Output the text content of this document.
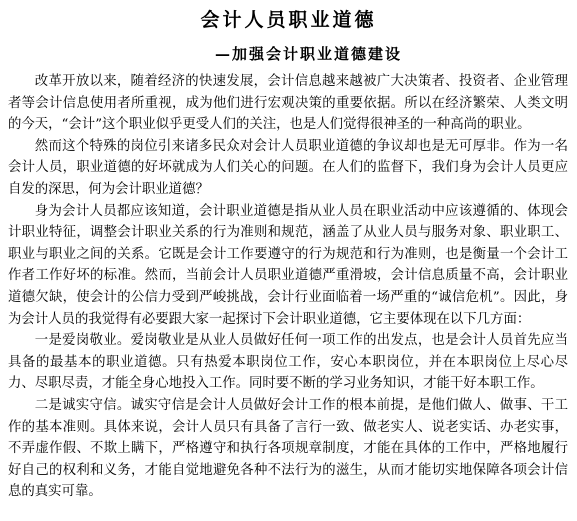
会计人员职业道德
—加强会计职业道德建设

改革开放以来，随着经济的快速发展，会计信息越来越被广大决策者、投资者、企业管理者等会计信息使用者所重视，成为他们进行宏观决策的重要依据。所以在经济繁荣、人类文明的今天，“会计”这个职业似乎更受人们的关注，也是人们觉得很神圣的一种高尚的职业。

然而这个特殊的岗位引来诸多民众对会计人员职业道德的争议却也是无可厚非。作为一名会计人员，职业道德的好坏就成为人们关心的问题。在人们的监督下，我们身为会计人员更应自发的深思，何为会计职业道德？

身为会计人员都应该知道，会计职业道德是指从业人员在职业活动中应该遵循的、体现会计职业特征，调整会计职业关系的行为准则和规范，涵盖了从业人员与服务对象、职业职工、职业与职业之间的关系。它既是会计工作要遵守的行为规范和行为准则，也是衡量一个会计工作者工作好坏的标准。然而，当前会计人员职业道德严重滑坡，会计信息质量不高，会计职业道德欠缺，使会计的公信力受到严峻挑战，会计行业面临着一场严重的“诚信危机”。因此，身为会计人员的我觉得有必要跟大家一起探讨下会计职业道德，它主要体现在以下几方面：

一是爱岗敬业。爱岗敬业是从业人员做好任何一项工作的出发点，也是会计人员首先应当具备的最基本的职业道德。只有热爱本职岗位工作，安心本职岗位，并在本职岗位上尽心尽力、尽职尽责，才能全身心地投入工作。同时要不断的学习业务知识，才能干好本职工作。

二是诚实守信。诚实守信是会计人员做好会计工作的根本前提，是他们做人、做事、干工作的基本准则。具体来说，会计人员只有具备了言行一致、做老实人、说老实话、办老实事，不弄虚作假、不欺上瞒下，严格遵守和执行各项规章制度，才能在具体的工作中，严格地履行好自己的权利和义务，才能自觉地避免各种不法行为的滋生，从而才能切实地保障各项会计信息的真实可靠。
